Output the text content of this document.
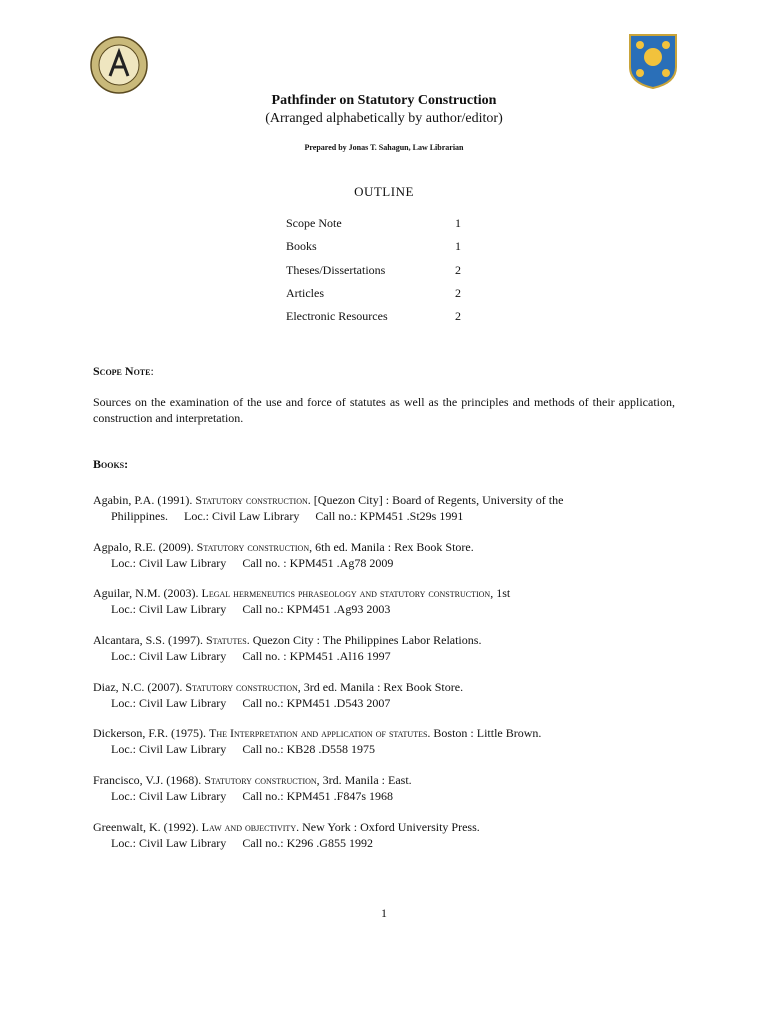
Pathfinder on Statutory Construction
(Arranged alphabetically by author/editor)
Prepared by Jonas T. Sahagun, Law Librarian
OUTLINE
Scope Note	1
Books	1
Theses/Dissertations	2
Articles	2
Electronic Resources	2
Scope Note:
Sources on the examination of the use and force of statutes as well as the principles and methods of their application, construction and interpretation.
Books:
Agabin, P.A. (1991). Statutory construction. [Quezon City] : Board of Regents, University of the
Philippines. Loc.: Civil Law Library Call no.: KPM451 .St29s 1991
Agpalo, R.E. (2009). Statutory construction, 6th ed. Manila : Rex Book Store.
Loc.: Civil Law Library Call no. : KPM451 .Ag78 2009
Aguilar, N.M. (2003). Legal hermeneutics phraseology and statutory construction, 1st
Loc.: Civil Law Library Call no.: KPM451 .Ag93 2003
Alcantara, S.S. (1997). Statutes. Quezon City : The Philippines Labor Relations.
Loc.: Civil Law Library Call no. : KPM451 .Al16 1997
Diaz, N.C. (2007). Statutory construction, 3rd ed. Manila : Rex Book Store.
Loc.: Civil Law Library Call no.: KPM451 .D543 2007
Dickerson, F.R. (1975). The Interpretation and application of statutes. Boston : Little Brown.
Loc.: Civil Law Library Call no.: KB28 .D558 1975
Francisco, V.J. (1968). Statutory construction, 3rd. Manila : East.
Loc.: Civil Law Library Call no.: KPM451 .F847s 1968
Greenwalt, K. (1992). Law and objectivity. New York : Oxford University Press.
Loc.: Civil Law Library Call no.: K296 .G855 1992
1
